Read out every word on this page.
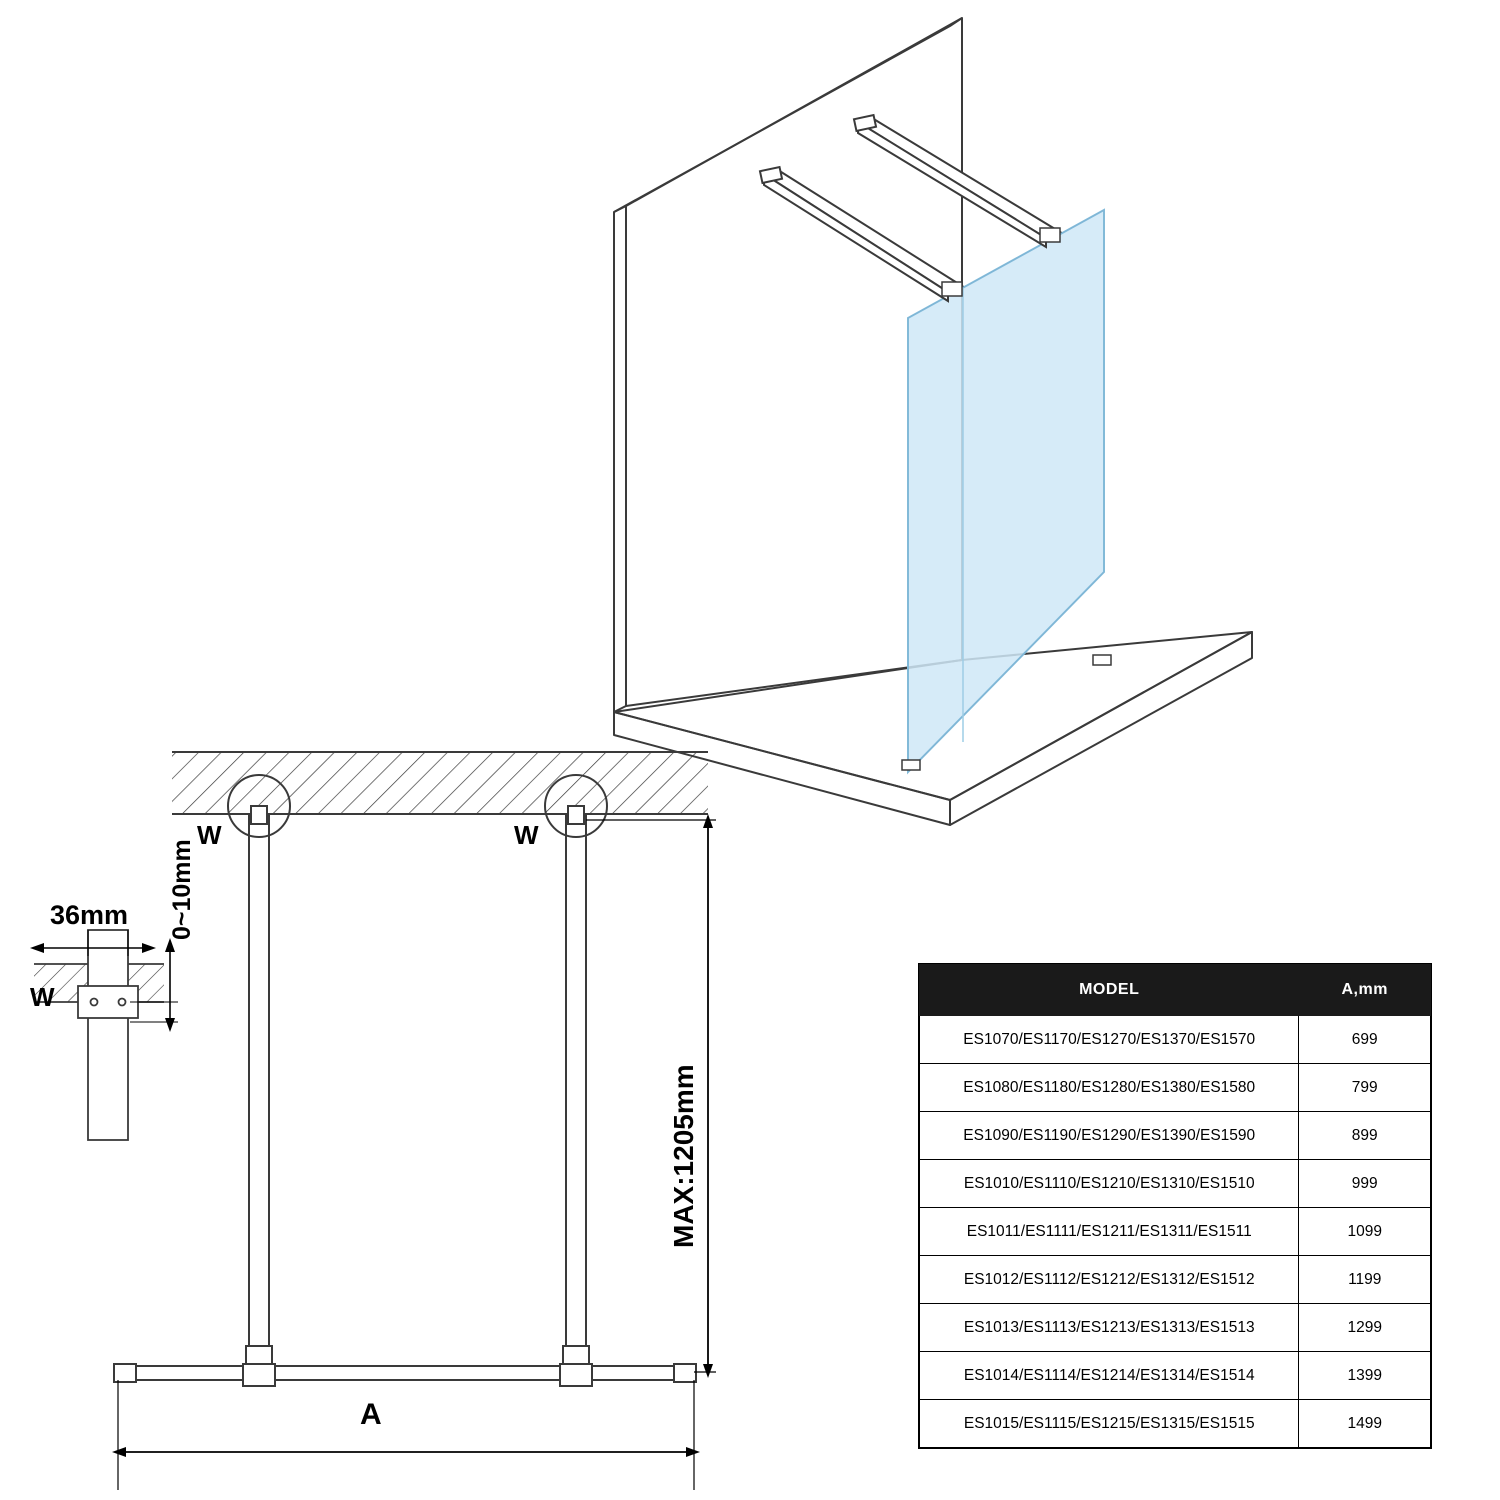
36mm 0~10mm
W
W	W
MAX:1205mm
A
MODEL	A,mm
ES1070/ES1170/ES1270/ES1370/ES1570	699
ES1080/ES1180/ES1280/ES1380/ES1580	799
ES1090/ES1190/ES1290/ES1390/ES1590	899
ES1010/ES1110/ES1210/ES1310/ES1510	999
ES1011/ES1111/ES1211/ES1311/ES1511	1099
ES1012/ES1112/ES1212/ES1312/ES1512	1199
ES1013/ES1113/ES1213/ES1313/ES1513	1299
ES1014/ES1114/ES1214/ES1314/ES1514	1399
ES1015/ES1115/ES1215/ES1315/ES1515	1499
